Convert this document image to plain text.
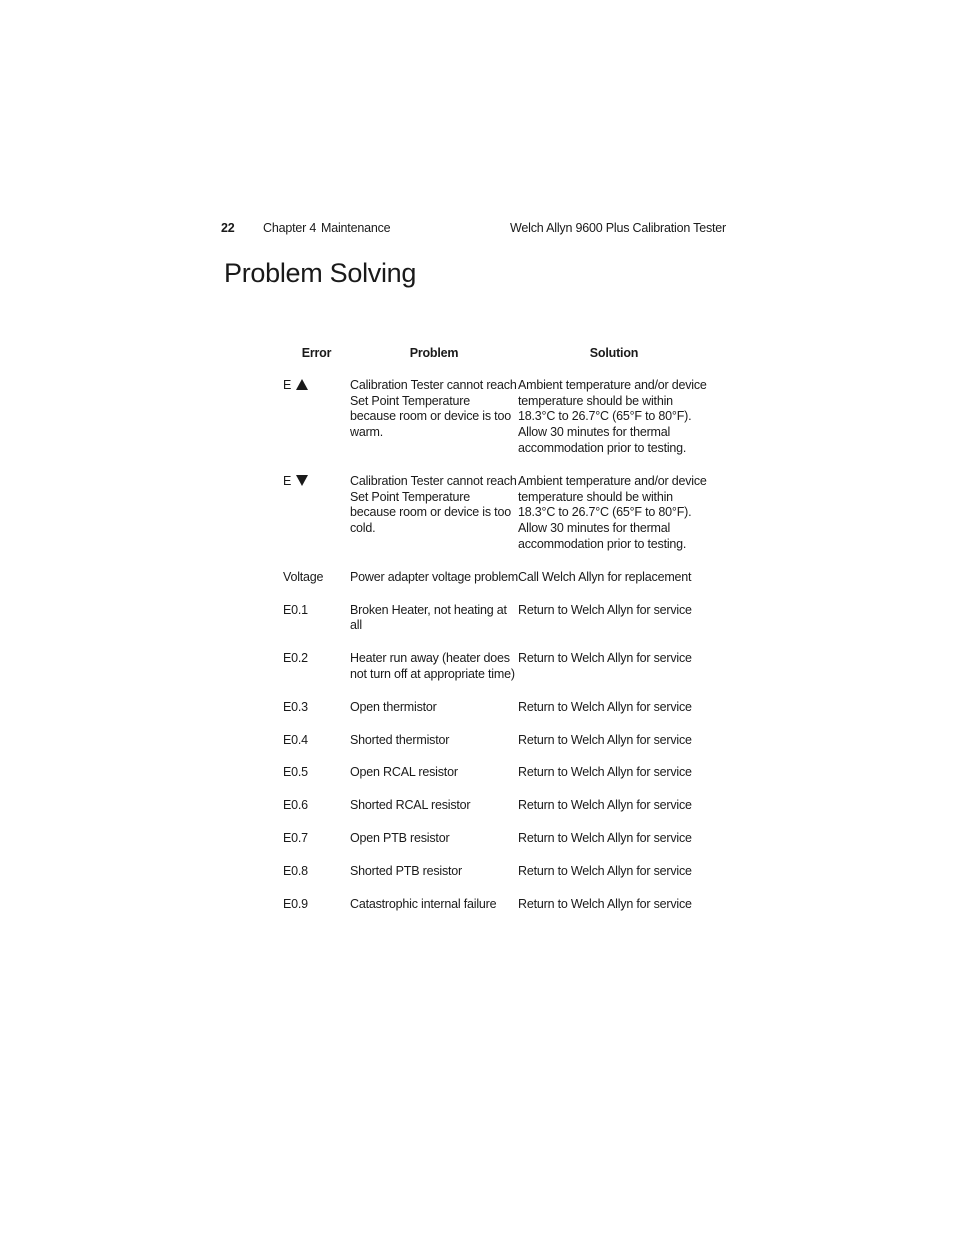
22 Chapter 4 Maintenance	Welch Allyn 9600 Plus Calibration Tester
Problem Solving
Error	Problem	Solution
E	Calibration Tester cannot reach Set Point Temperature because room or device is too warm.	Ambient temperature and/or device temperature should be within 18.3°C to 26.7°C (65°F to 80°F). Allow 30 minutes for thermal accommodation prior to testing.
E	Calibration Tester cannot reach Set Point Temperature because room or device is too cold.	Ambient temperature and/or device temperature should be within 18.3°C to 26.7°C (65°F to 80°F). Allow 30 minutes for thermal accommodation prior to testing.
Voltage	Power adapter voltage problem	Call Welch Allyn for replacement
E0.1	Broken Heater, not heating at all	Return to Welch Allyn for service
E0.2	Heater run away (heater does not turn off at appropriate time)	Return to Welch Allyn for service
E0.3	Open thermistor	Return to Welch Allyn for service
E0.4	Shorted thermistor	Return to Welch Allyn for service
E0.5	Open RCAL resistor	Return to Welch Allyn for service
E0.6	Shorted RCAL resistor	Return to Welch Allyn for service
E0.7	Open PTB resistor	Return to Welch Allyn for service
E0.8	Shorted PTB resistor	Return to Welch Allyn for service
E0.9	Catastrophic internal failure	Return to Welch Allyn for service
